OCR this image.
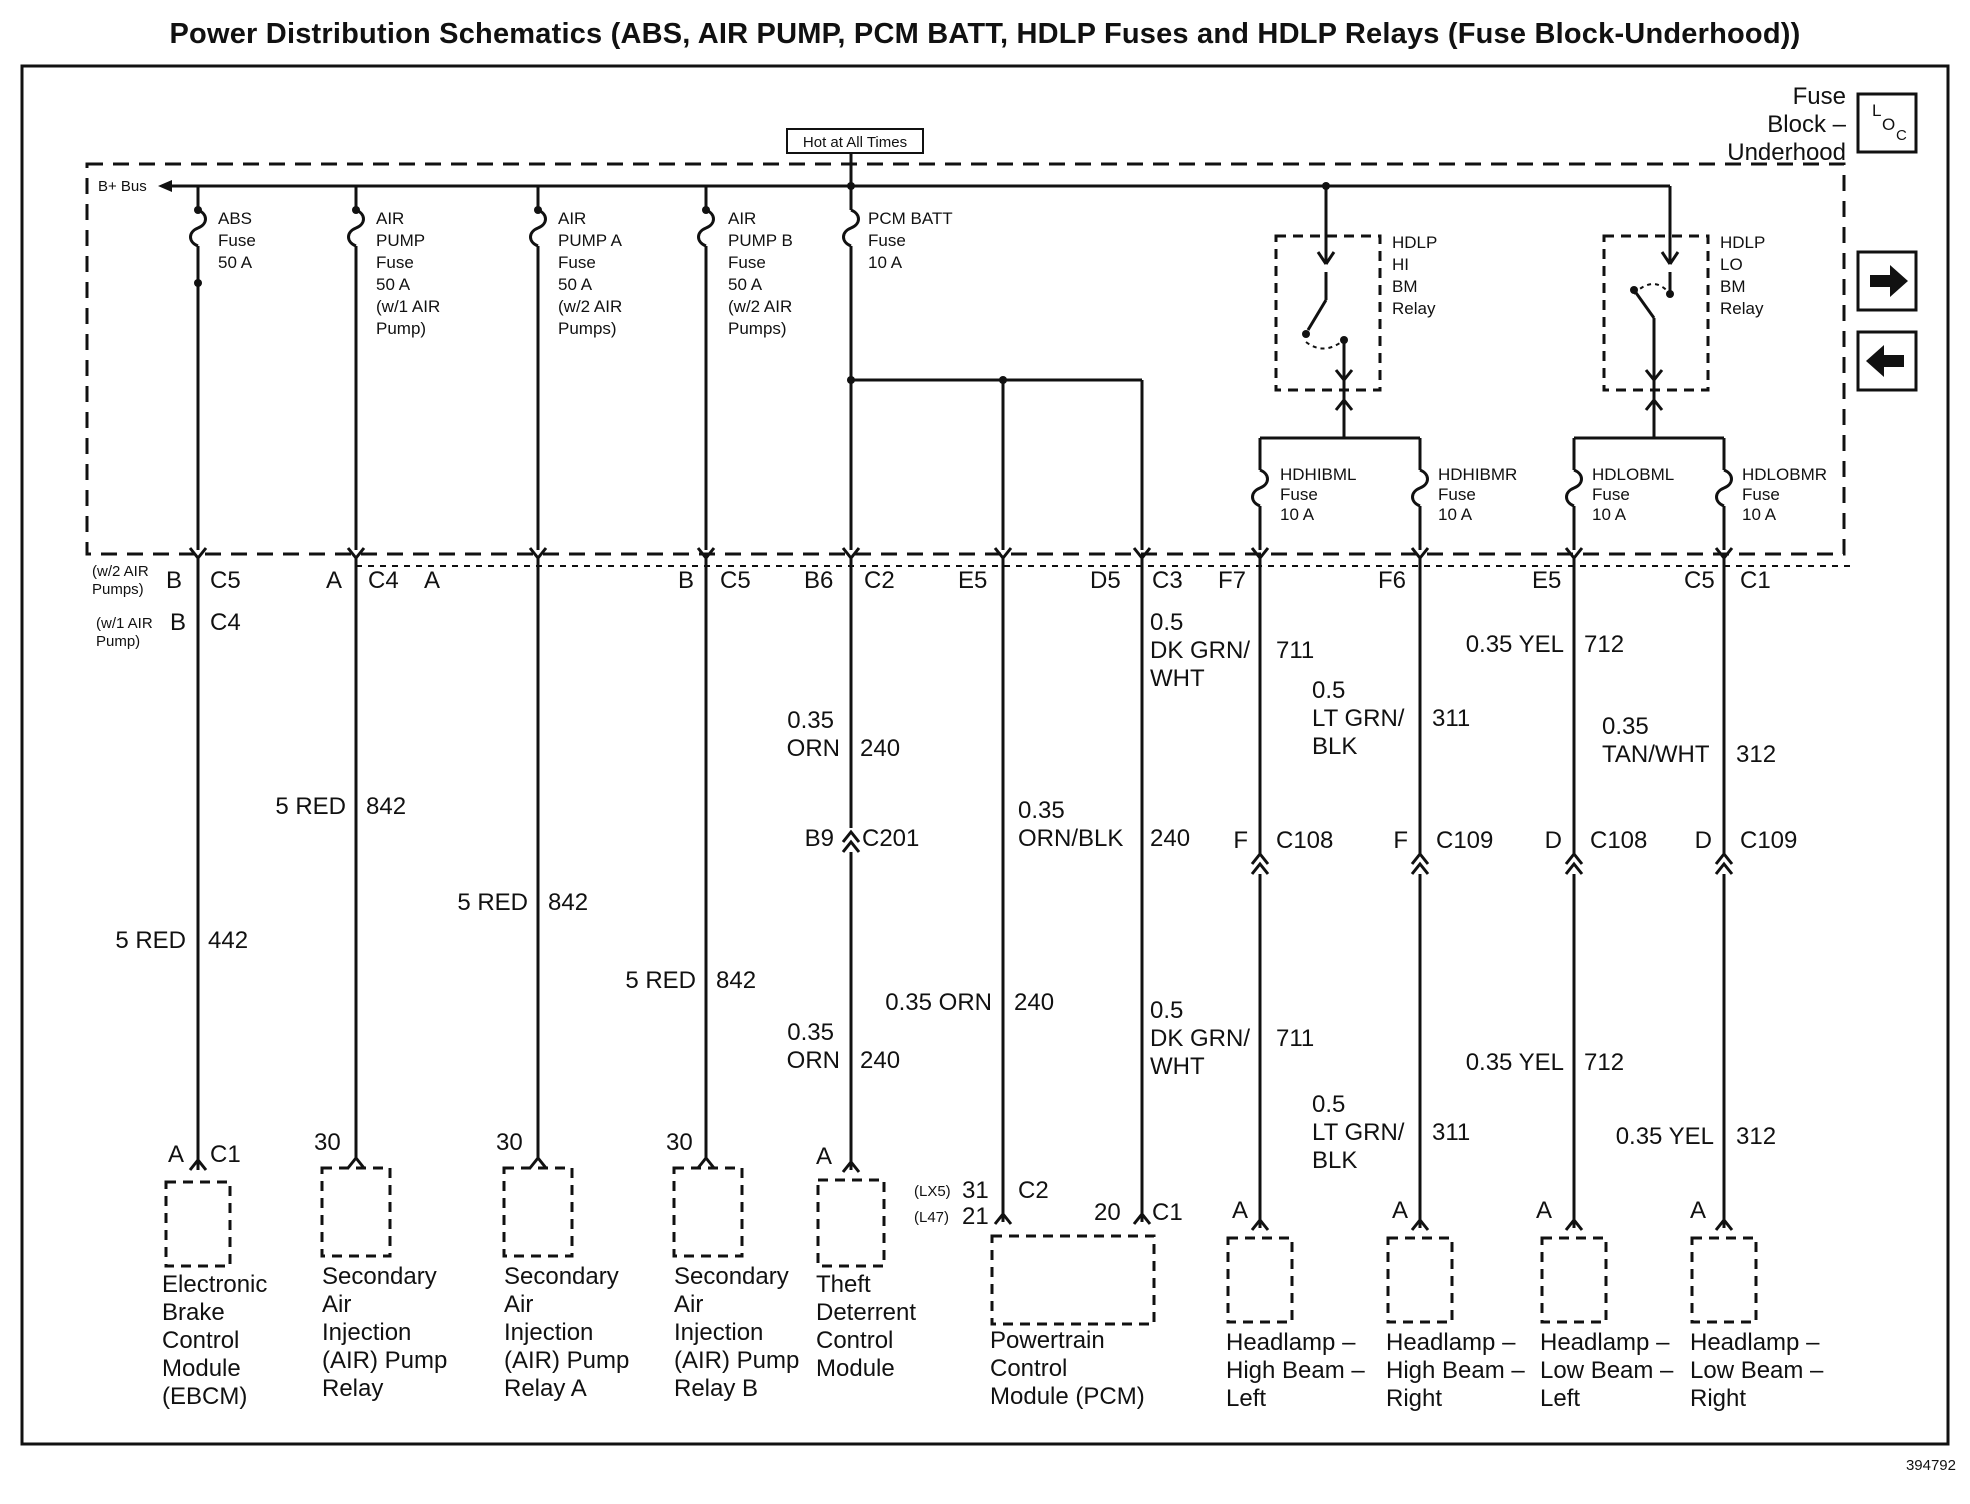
Power Distribution Schematics (ABS, AIR PUMP, PCM BATT, HDLP Fuses and HDLP Relays (Fuse Block-Underhood))
Hot at All Times
Fuse
Block –
Underhood
L
O
C
B+ Bus
ABS
Fuse
50 A
AIR
PUMP
Fuse
50 A
(w/1 AIR
Pump)
AIR
PUMP A
Fuse
50 A
(w/2 AIR
Pumps)
AIR
PUMP B
Fuse
50 A
(w/2 AIR
Pumps)
PCM BATT
Fuse
10 A
HDLP
HI
BM
Relay
HDLP
LO
BM
Relay
HDHIBML
Fuse
10 A
HDHIBMR
Fuse
10 A
HDLOBML
Fuse
10 A
HDLOBMR
Fuse
10 A
(w/2 AIR
Pumps) B C5
(w/1 AIR
Pump)
B C4
A C4 A	B C5 B6 C2	E5	D5 C3 F7	F6	E5	C5 C1
5 RED 442
5 RED 842
5 RED 842
5 RED 842
0.35
ORN 240
0.35
ORN 240
0.35
ORN/BLK 240
0.35 ORN 240
0.5
DK GRN/
WHT
711
0.5
DK GRN/
WHT
711
0.5
LT GRN/
BLK
311
0.5
LT GRN/
BLK
311
0.35 YEL 712
0.35 YEL 712
0.35
TAN/WHT 312
0.35 YEL 312
B9 C201	F C108 F C109 D C108 D C109
A C1
Electronic
Brake
Control
Module
(EBCM)
30
Secondary
Air
Injection
(AIR) Pump
Relay
30
Secondary
Air
Injection
(AIR) Pump
Relay A
30
Secondary
Air
Injection
(AIR) Pump
Relay B
A
Theft
Deterrent
Control
Module
(LX5) 31 C2
(L47) 21	20 C1
Powertrain
Control
Module (PCM)
A
Headlamp –
High Beam –
Left
A
Headlamp –
High Beam –
Right
A
Headlamp –
Low Beam –
Left
A
Headlamp –
Low Beam –
Right
394792
